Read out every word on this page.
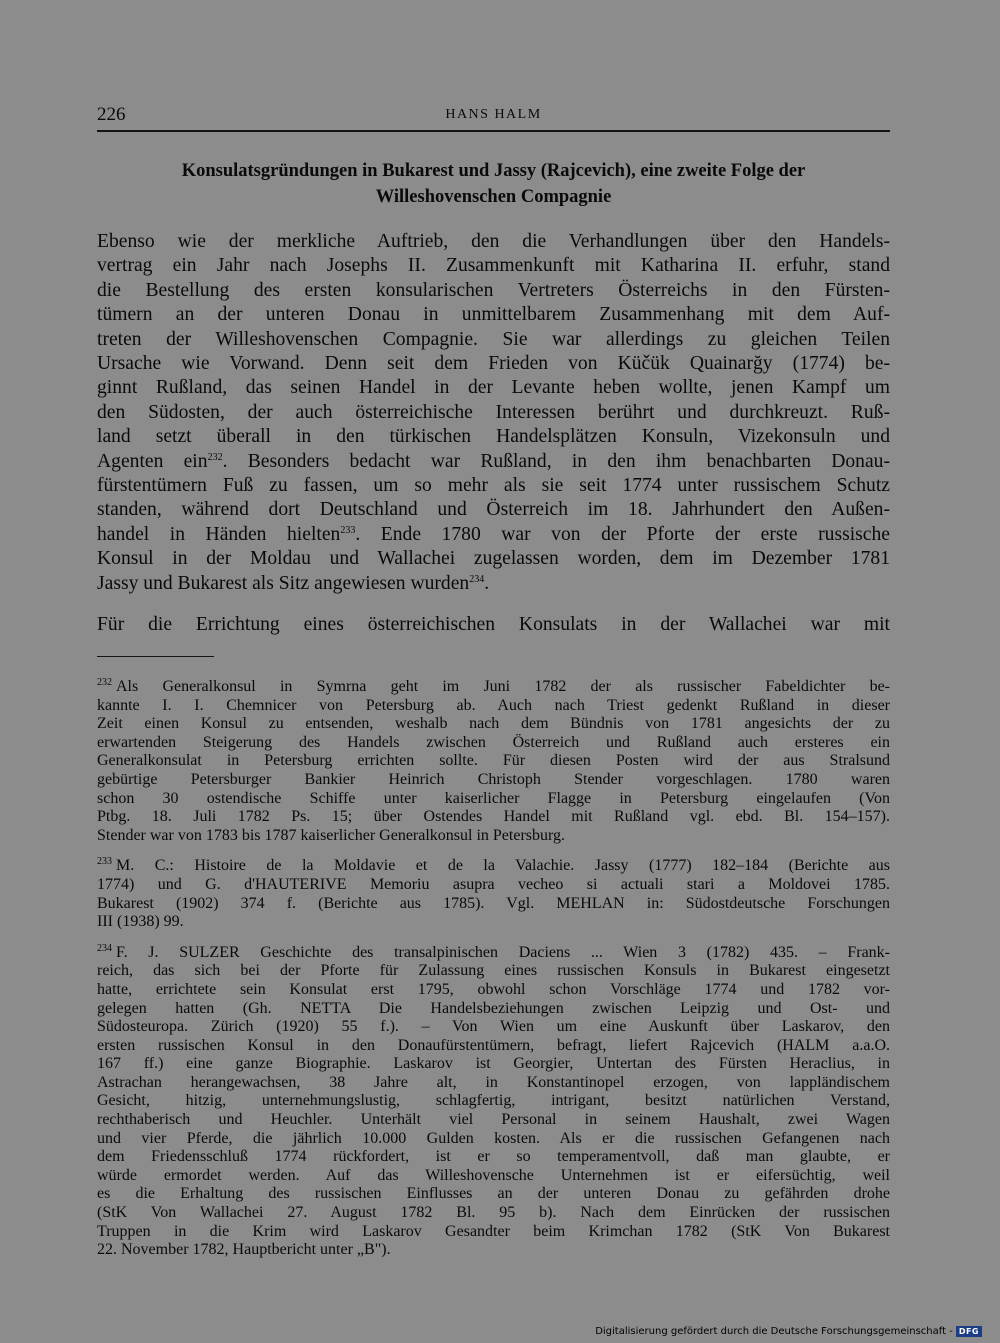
226	HANS HALM
Konsulatsgründungen in Bukarest und Jassy (Rajcevich), eine zweite Folge der
Willeshovenschen Compagnie
Ebenso wie der merkliche Auftrieb, den die Verhandlungen über den Handels-
vertrag ein Jahr nach Josephs II. Zusammenkunft mit Katharina II. erfuhr, stand
die Bestellung des ersten konsularischen Vertreters Österreichs in den Fürsten-
tümern an der unteren Donau in unmittelbarem Zusammenhang mit dem Auf-
treten der Willeshovenschen Compagnie. Sie war allerdings zu gleichen Teilen
Ursache wie Vorwand. Denn seit dem Frieden von Küčük Quainarğy (1774) be-
ginnt Rußland, das seinen Handel in der Levante heben wollte, jenen Kampf um
den Südosten, der auch österreichische Interessen berührt und durchkreuzt. Ruß-
land setzt überall in den türkischen Handelsplätzen Konsuln, Vizekonsuln und
Agenten ein$^{232}$. Besonders bedacht war Rußland, in den ihm benachbarten Donau-
fürstentümern Fuß zu fassen, um so mehr als sie seit 1774 unter russischem Schutz
standen, während dort Deutschland und Österreich im 18. Jahrhundert den Außen-
handel in Händen hielten$^{233}$. Ende 1780 war von der Pforte der erste russische
Konsul in der Moldau und Wallachei zugelassen worden, dem im Dezember 1781
Jassy und Bukarest als Sitz angewiesen wurden$^{234}$.
Für die Errichtung eines österreichischen Konsulats in der Wallachei war mit
$^{232}$ Als Generalkonsul in Symrna geht im Juni 1782 der als russischer Fabeldichter be-
kannte I. I. Chemnicer von Petersburg ab. Auch nach Triest gedenkt Rußland in dieser
Zeit einen Konsul zu entsenden, weshalb nach dem Bündnis von 1781 angesichts der zu
erwartenden Steigerung des Handels zwischen Österreich und Rußland auch ersteres ein
Generalkonsulat in Petersburg errichten sollte. Für diesen Posten wird der aus Stralsund
gebürtige Petersburger Bankier Heinrich Christoph Stender vorgeschlagen. 1780 waren
schon 30 ostendische Schiffe unter kaiserlicher Flagge in Petersburg eingelaufen (Von
Ptbg. 18. Juli 1782 Ps. 15; über Ostendes Handel mit Rußland vgl. ebd. Bl. 154–157).
Stender war von 1783 bis 1787 kaiserlicher Generalkonsul in Petersburg.
$^{233}$ M. C.: Histoire de la Moldavie et de la Valachie. Jassy (1777) 182–184 (Berichte aus
1774) und G. d'HAUTERIVE Memoriu asupra vecheo si actuali stari a Moldovei 1785.
Bukarest (1902) 374 f. (Berichte aus 1785). Vgl. MEHLAN in: Südostdeutsche Forschungen
III (1938) 99.
$^{234}$ F. J. SULZER Geschichte des transalpinischen Daciens ... Wien 3 (1782) 435. – Frank-
reich, das sich bei der Pforte für Zulassung eines russischen Konsuls in Bukarest eingesetzt
hatte, errichtete sein Konsulat erst 1795, obwohl schon Vorschläge 1774 und 1782 vor-
gelegen hatten (Gh. NETTA Die Handelsbeziehungen zwischen Leipzig und Ost- und
Südosteuropa. Zürich (1920) 55 f.). – Von Wien um eine Auskunft über Laskarov, den
ersten russischen Konsul in den Donaufürstentümern, befragt, liefert Rajcevich (HALM a.a.O.
167 ff.) eine ganze Biographie. Laskarov ist Georgier, Untertan des Fürsten Heraclius, in
Astrachan herangewachsen, 38 Jahre alt, in Konstantinopel erzogen, von lappländischem
Gesicht, hitzig, unternehmungslustig, schlagfertig, intrigant, besitzt natürlichen Verstand,
rechthaberisch und Heuchler. Unterhält viel Personal in seinem Haushalt, zwei Wagen
und vier Pferde, die jährlich 10.000 Gulden kosten. Als er die russischen Gefangenen nach
dem Friedensschluß 1774 rückfordert, ist er so temperamentvoll, daß man glaubte, er
würde ermordet werden. Auf das Willeshovensche Unternehmen ist er eifersüchtig, weil
es die Erhaltung des russischen Einflusses an der unteren Donau zu gefährden drohe
(StK Von Wallachei 27. August 1782 Bl. 95 b). Nach dem Einrücken der russischen
Truppen in die Krim wird Laskarov Gesandter beim Krimchan 1782 (StK Von Bukarest
22. November 1782, Hauptbericht unter „B").
Digitalisierung gefördert durch die Deutsche Forschungsgemeinschaft - DFG
